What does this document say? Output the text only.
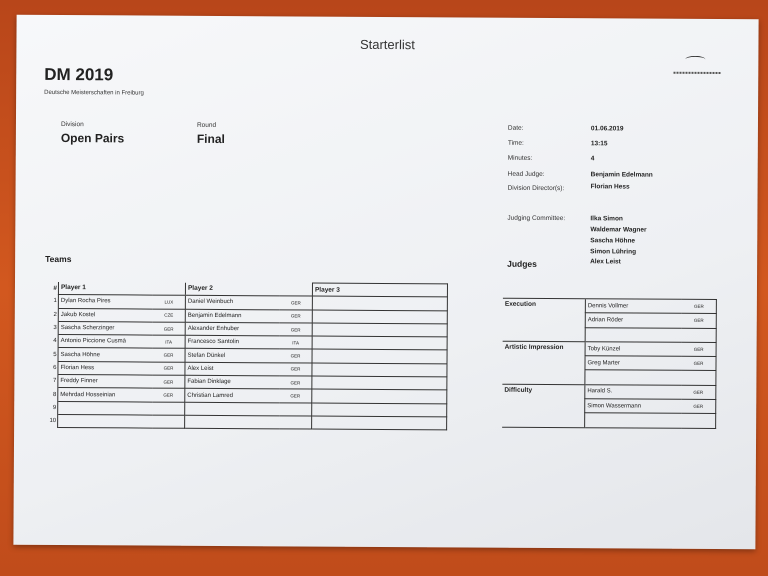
Starterlist
DM 2019
Deutsche Meisterschaften in Freiburg
Division
Open Pairs
Round
Final
Date:	01.06.2019
Time:	13:15
Minutes:	4
Head Judge:	Benjamin Edelmann
Division Director(s):	Florian Hess
Judging Committee:	Ilka Simon
Waldemar Wagner
Sascha Höhne
Simon Lühring
Alex Leist
Teams	Judges
#	Player 1		Player 2		Player 3
1	Dylan Rocha Pires	LUX	Daniel Weinbuch	GER	
2	Jakub Kostel	CZE	Benjamin Edelmann	GER	
3	Sascha Scherzinger	GER	Alexander Enhuber	GER	
4	Antonio Piccione Cusmà	ITA	Francesco Santolin	ITA	
5	Sascha Höhne	GER	Stefan Dünkel	GER	
6	Florian Hess	GER	Alex Leist	GER	
7	Freddy Finner	GER	Fabian Dinklage	GER	
8	Mehrdad Hosseinian	GER	Christian Lamred	GER	
9					
10					
Execution	Dennis Vollmer	GER
	Adrian Röder	GER

Artistic Impression	Toby Künzel	GER
	Greg Marter	GER

Difficulty	Harald S.	GER
	Simon Wassermann	GER
